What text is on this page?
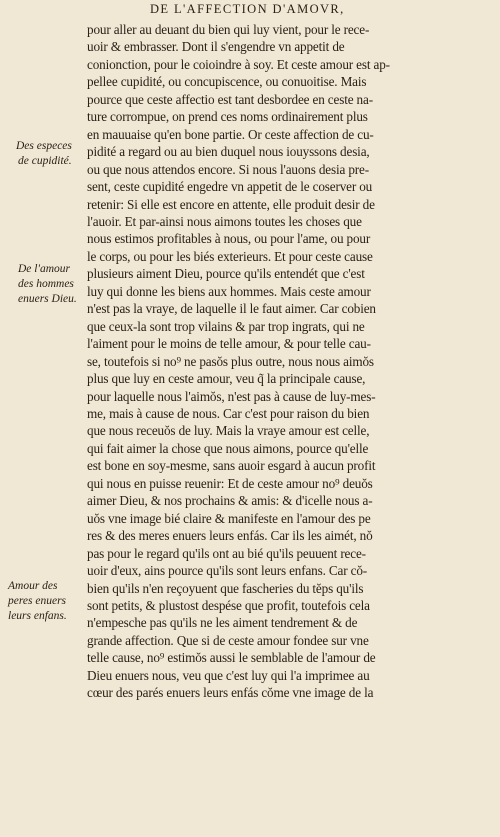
DE L'AFFECTION D'AMOVR,
Des especes
de cupidité.
De l'amour
des hommes
enuers Dieu.
Amour des
peres enuers
leurs enfans.
pour aller au deuant du bien qui luy vient, pour le rece-
uoir & embrasser. Dont il s'engendre vn appetit de
conionction, pour le coioindre à soy. Et ceste amour est ap-
pellee cupidité, ou concupiscence, ou conuoitise. Mais
pource que ceste affectio est tant desbordee en ceste na-
ture corrompue, on prend ces noms ordinairement plus
en mauuaise qu'en bone partie. Or ceste affection de cu-
pidité a regard ou au bien duquel nous iouyssons desia,
ou que nous attendos encore. Si nous l'auons desia pre-
sent, ceste cupidité engedre vn appetit de le coserver ou
retenir: Si elle est encore en attente, elle produit desir de
l'auoir. Et par-ainsi nous aimons toutes les choses que
nous estimos profitables à nous, ou pour l'ame, ou pour
le corps, ou pour les biés exterieurs. Et pour ceste cause
plusieurs aiment Dieu, pource qu'ils entendét que c'est
luy qui donne les biens aux hommes. Mais ceste amour
n'est pas la vraye, de laquelle il le faut aimer. Car cobien
que ceux-la sont trop vilains & par trop ingrats, qui ne
l'aiment pour le moins de telle amour, & pour telle cau-
se, toutefois si no⁹ ne pasŏs plus outre, nous nous aimŏs
plus que luy en ceste amour, veu q̃ la principale cause,
pour laquelle nous l'aimŏs, n'est pas à cause de luy-mes-
me, mais à cause de nous. Car c'est pour raison du bien
que nous receuŏs de luy. Mais la vraye amour est celle,
qui fait aimer la chose que nous aimons, pource qu'elle
est bone en soy-mesme, sans auoir esgard à aucun profit
qui nous en puisse reuenir: Et de ceste amour no⁹ deuŏs
aimer Dieu, & nos prochains & amis: & d'icelle nous a-
uŏs vne image bié claire & manifeste en l'amour des pe
res & des meres enuers leurs enfás. Car ils les aimét, nŏ
pas pour le regard qu'ils ont au bié qu'ils peuuent rece-
uoir d'eux, ains pource qu'ils sont leurs enfans. Car cŏ-
bien qu'ils n'en reçoyuent que fascheries du tĕps qu'ils
sont petits, & plustost despése que profit, toutefois cela
n'empesche pas qu'ils ne les aiment tendrement & de
grande affection. Que si de ceste amour fondee sur vne
telle cause, no⁹ estimŏs aussi le semblable de l'amour de
Dieu enuers nous, veu que c'est luy qui l'a imprimee au
cœur des parés enuers leurs enfás cŏme vne image de la
